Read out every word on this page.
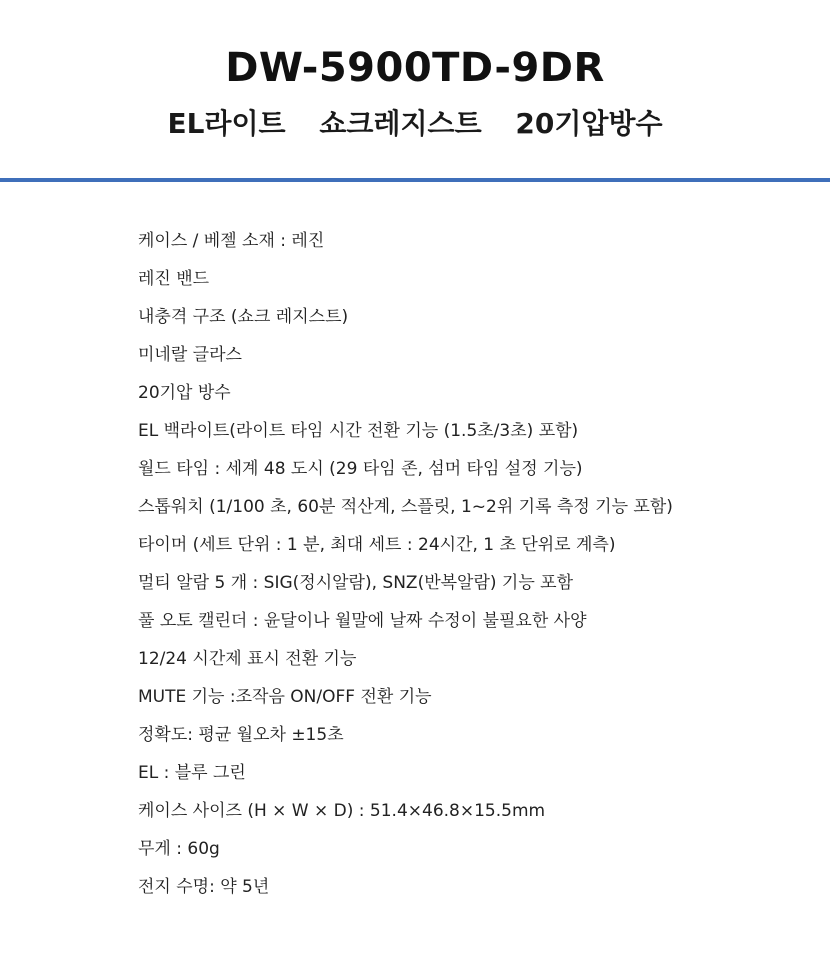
DW-5900TD-9DR
EL라이트 쇼크레지스트 20기압방수
케이스 / 베젤 소재 : 레진
레진 밴드
내충격 구조 (쇼크 레지스트)
미네랄 글라스
20기압 방수
EL 백라이트(라이트 타임 시간 전환 기능 (1.5초/3초) 포함)
월드 타임 : 세계 48 도시 (29 타임 존, 섬머 타임 설정 기능)
스톱워치 (1/100 초, 60분 적산계, 스플릿, 1~2위 기록 측정 기능 포함)
타이머 (세트 단위 : 1 분, 최대 세트 : 24시간, 1 초 단위로 계측)
멀티 알람 5 개 : SIG(정시알람), SNZ(반복알람) 기능 포함
풀 오토 캘린더 : 윤달이나 월말에 날짜 수정이 불필요한 사양
12/24 시간제 표시 전환 기능
MUTE 기능 :조작음 ON/OFF 전환 기능
정확도: 평균 월오차 ±15초
EL : 블루 그린
케이스 사이즈 (H × W × D) : 51.4×46.8×15.5mm
무게 : 60g
전지 수명: 약 5년
